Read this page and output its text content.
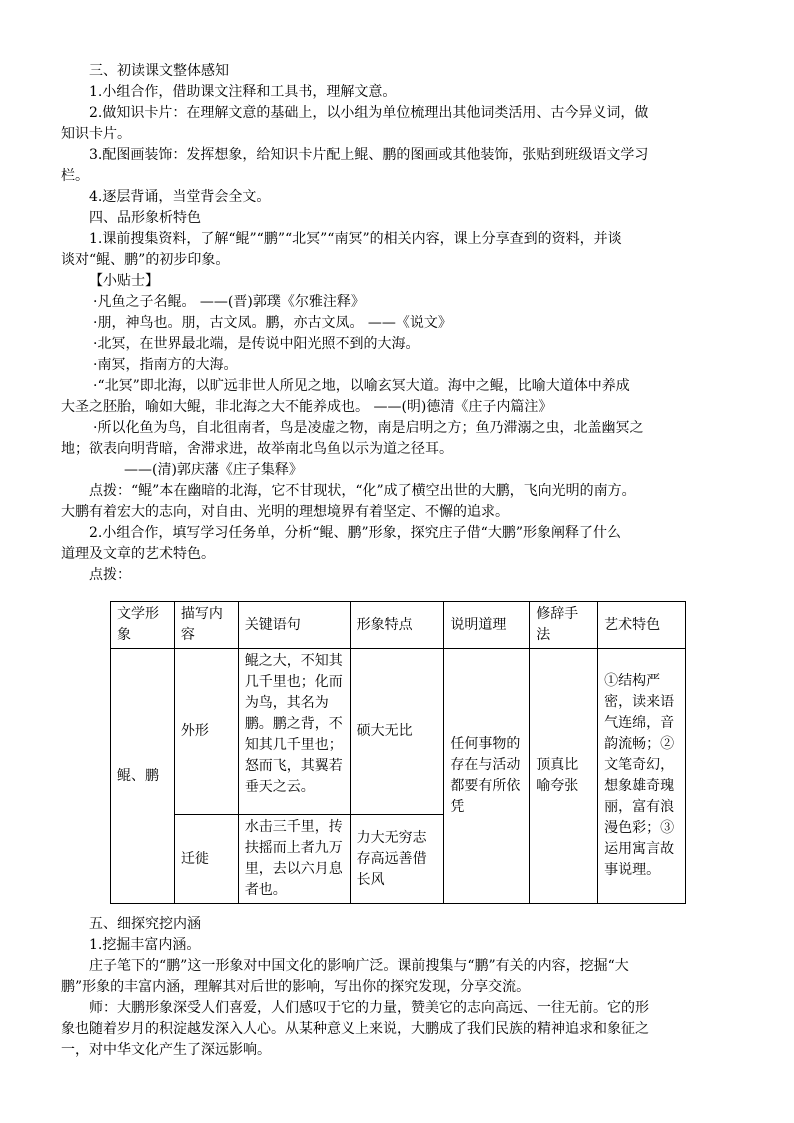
三、初读课文整体感知
1.小组合作，借助课文注释和工具书，理解文意。
2.做知识卡片：在理解文意的基础上，以小组为单位梳理出其他词类活用、古今异义词，做
知识卡片。
3.配图画装饰：发挥想象，给知识卡片配上鲲、鹏的图画或其他装饰，张贴到班级语文学习
栏。
4.逐层背诵，当堂背会全文。
四、品形象析特色
1.课前搜集资料，了解“鲲”“鹏”“北冥”“南冥”的相关内容，课上分享查到的资料，并谈
谈对“鲲、鹏”的初步印象。
【小贴士】
·凡鱼之子名鲲。 ——(晋)郭璞《尔雅注释》
·朋，神鸟也。朋，古文凤。鹏，亦古文凤。 ——《说文》
·北冥，在世界最北端，是传说中阳光照不到的大海。
·南冥，指南方的大海。
·“北冥”即北海，以旷远非世人所见之地，以喻玄冥大道。海中之鲲，比喻大道体中养成
大圣之胚胎，喻如大鲲，非北海之大不能养成也。 ——(明)德清《庄子内篇注》
·所以化鱼为鸟，自北徂南者，鸟是凌虚之物，南是启明之方；鱼乃滞溺之虫，北盖幽冥之
地；欲表向明背暗，舍滞求进，故举南北鸟鱼以示为道之径耳。
——(清)郭庆藩《庄子集释》
点拨：“鲲”本在幽暗的北海，它不甘现状，“化”成了横空出世的大鹏，飞向光明的南方。
大鹏有着宏大的志向，对自由、光明的理想境界有着坚定、不懈的追求。
2.小组合作，填写学习任务单，分析“鲲、鹏”形象，探究庄子借“大鹏”形象阐释了什么
道理及文章的艺术特色。
点拨：
文学形象	描写内容	关键语句	形象特点	说明道理	修辞手法	艺术特色
鲲、鹏	外形	鲲之大，不知其几千里也；化而为鸟，其名为鹏。鹏之背，不知其几千里也；怒而飞，其翼若垂天之云。	硕大无比	任何事物的存在与活动都要有所依凭	顶真比喻夸张	①结构严密，读来语气连绵，音韵流畅；②文笔奇幻，想象雄奇瑰丽，富有浪漫色彩；③运用寓言故事说理。
	迁徙	水击三千里，抟扶摇而上者九万里，去以六月息者也。	力大无穷志存高远善借长风			
五、细探究挖内涵
1.挖掘丰富内涵。
庄子笔下的“鹏”这一形象对中国文化的影响广泛。课前搜集与“鹏”有关的内容，挖掘“大
鹏”形象的丰富内涵，理解其对后世的影响，写出你的探究发现，分享交流。
师：大鹏形象深受人们喜爱，人们感叹于它的力量，赞美它的志向高远、一往无前。它的形
象也随着岁月的积淀越发深入人心。从某种意义上来说，大鹏成了我们民族的精神追求和象征之
一，对中华文化产生了深远影响。
